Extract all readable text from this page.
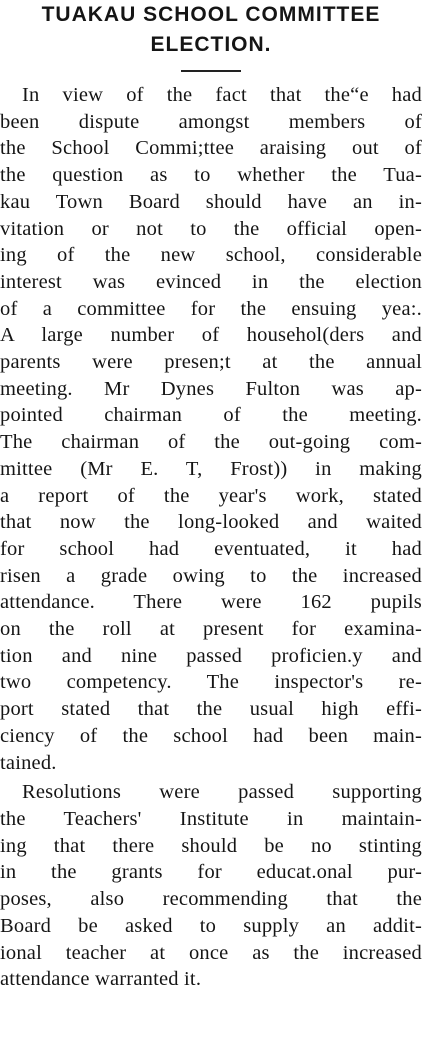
TUAKAU SCHOOL COMMITTEE
ELECTION.

In view of the fact that the“e had
been dispute amongst members of
the School Commi;ttee araising out of
the question as to whether the Tua-
kau Town Board should have an in-
vitation or not to the official open-
ing of the new school, considerable
interest was evinced in the election
of a committee for the ensuing yea:.
A large number of househol(ders and
parents were presen;t at the annual
meeting. Mr Dynes Fulton was ap-
pointed chairman of the meeting.
The chairman of the out-going com-
mittee (Mr E. T, Frost)) in making
a report of the year's work, stated
that now the long-looked and waited
for school had eventuated, it had
risen a grade owing to the increased
attendance. There were 162 pupils
on the roll at present for examina-
tion and nine passed proficien.y and
two competency. The inspector's re-
port stated that the usual high effi-
ciency of the school had been main-
tained.

Resolutions were passed supporting
the Teachers' Institute in maintain-
ing that there should be no stinting
in the grants for educat.onal pur-
poses, also recommending that the
Board be asked to supply an addit-
ional teacher at once as the increased
attendance warranted it.
